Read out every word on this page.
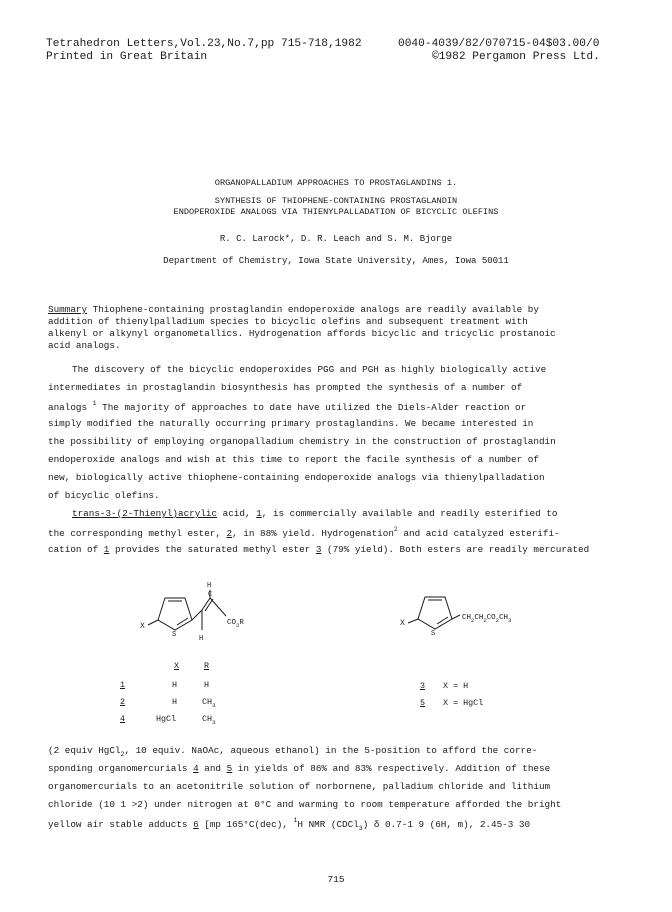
Tetrahedron Letters,Vol.23,No.7,pp 715-718,1982	0040-4039/82/070715-04$03.00/0
Printed in Great Britain	©1982 Pergamon Press Ltd.
ORGANOPALLADIUM APPROACHES TO PROSTAGLANDINS 1.
SYNTHESIS OF THIOPHENE-CONTAINING PROSTAGLANDIN
ENDOPEROXIDE ANALOGS VIA THIENYLPALLADATION OF BICYCLIC OLEFINS
R. C. Larock*, D. R. Leach and S. M. Bjorge
Department of Chemistry, Iowa State University, Ames, Iowa 50011
Summary Thiophene-containing prostaglandin endoperoxide analogs are readily available by
addition of thienylpalladium species to bicyclic olefins and subsequent treatment with
alkenyl or alkynyl organometallics. Hydrogenation affords bicyclic and tricyclic prostanoic
acid analogs.
The discovery of the bicyclic endoperoxides PGG and PGH as highly biologically active
intermediates in prostaglandin biosynthesis has prompted the synthesis of a number of
analogs $^1$ The majority of approaches to date have utilized the Diels-Alder reaction or
simply modified the naturally occurring primary prostaglandins. We became interested in
the possibility of employing organopalladium chemistry in the construction of prostaglandin
endoperoxide analogs and wish at this time to report the facile synthesis of a number of
new, biologically active thiophene-containing endoperoxide analogs via thienylpalladation
of bicyclic olefins.
trans-3-(2-Thienyl)acrylic acid, 1, is commercially available and readily esterified to
the corresponding methyl ester, 2, in 88% yield. Hydrogenation$^2$ and acid catalyzed esterifi-
cation of 1 provides the saturated methyl ester 3 (79% yield). Both esters are readily mercurated
X
S
H
C
H
$CO_2R$	X
S
$CH_2CH_2CO_2CH_3$
X	R
1	H	H
2	H	$CH_3$
4	HgCl	$CH_3$
3 X = H
5 X = HgCl
(2 equiv HgCl$_2$, 10 equiv. NaOAc, aqueous ethanol) in the 5-position to afford the corre-
sponding organomercurials 4 and 5 in yields of 86% and 83% respectively. Addition of these
organomercurials to an acetonitrile solution of norbornene, palladium chloride and lithium
chloride (10 1 >2) under nitrogen at 0°C and warming to room temperature afforded the bright
yellow air stable adducts 6 [mp 165°C(dec), $^1$H NMR (CDCl$_3$) δ 0.7-1 9 (6H, m), 2.45-3 30
715
